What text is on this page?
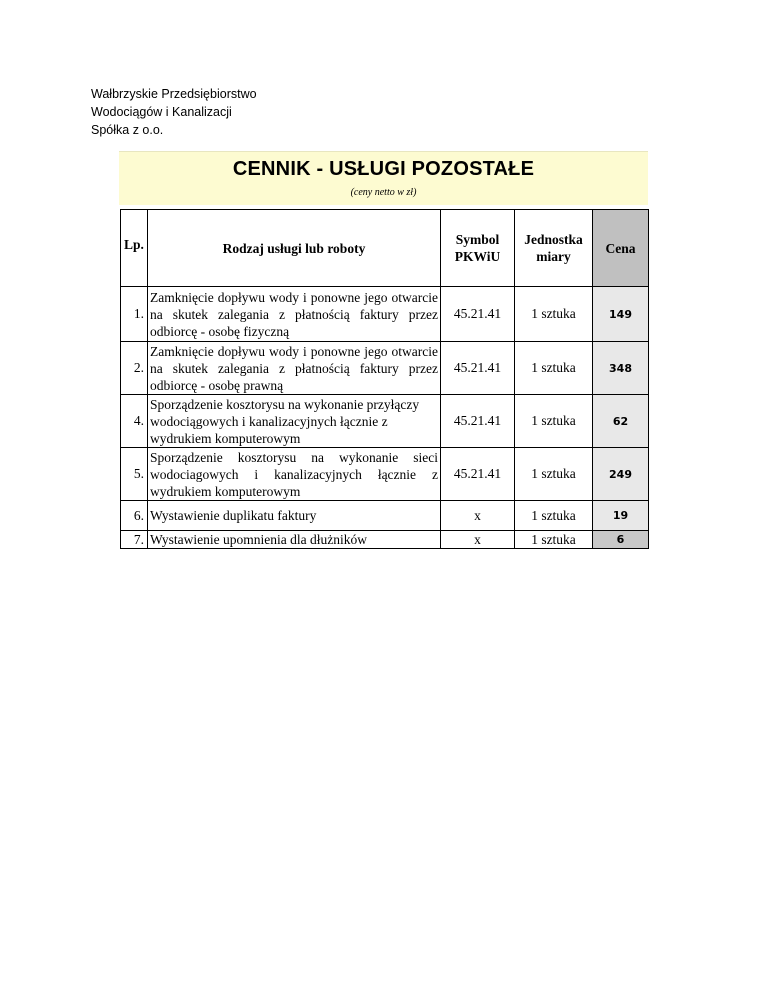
Wałbrzyskie Przedsiębiorstwo
Wodociągów i Kanalizacji
Spółka z o.o.
CENNIK - USŁUGI POZOSTAŁE
(ceny netto w zł)
Lp.	Rodzaj usługi lub roboty	Symbol PKWiU	Jednostka miary	Cena
1.	Zamknięcie dopływu wody i ponowne jego otwarcie na skutek zalegania z płatnością faktury przez odbiorcę - osobę fizyczną	45.21.41	1 sztuka	149
2.	Zamknięcie dopływu wody i ponowne jego otwarcie na skutek zalegania z płatnością faktury przez odbiorcę - osobę prawną	45.21.41	1 sztuka	348
4.	Sporządzenie kosztorysu na wykonanie przyłączy wodociągowych i kanalizacyjnych łącznie z wydrukiem komputerowym	45.21.41	1 sztuka	62
5.	Sporządzenie kosztorysu na wykonanie sieci wodociagowych i kanalizacyjnych łącznie z wydrukiem komputerowym	45.21.41	1 sztuka	249
6.	Wystawienie duplikatu faktury	x	1 sztuka	19
7.	Wystawienie upomnienia dla dłużników	x	1 sztuka	6
